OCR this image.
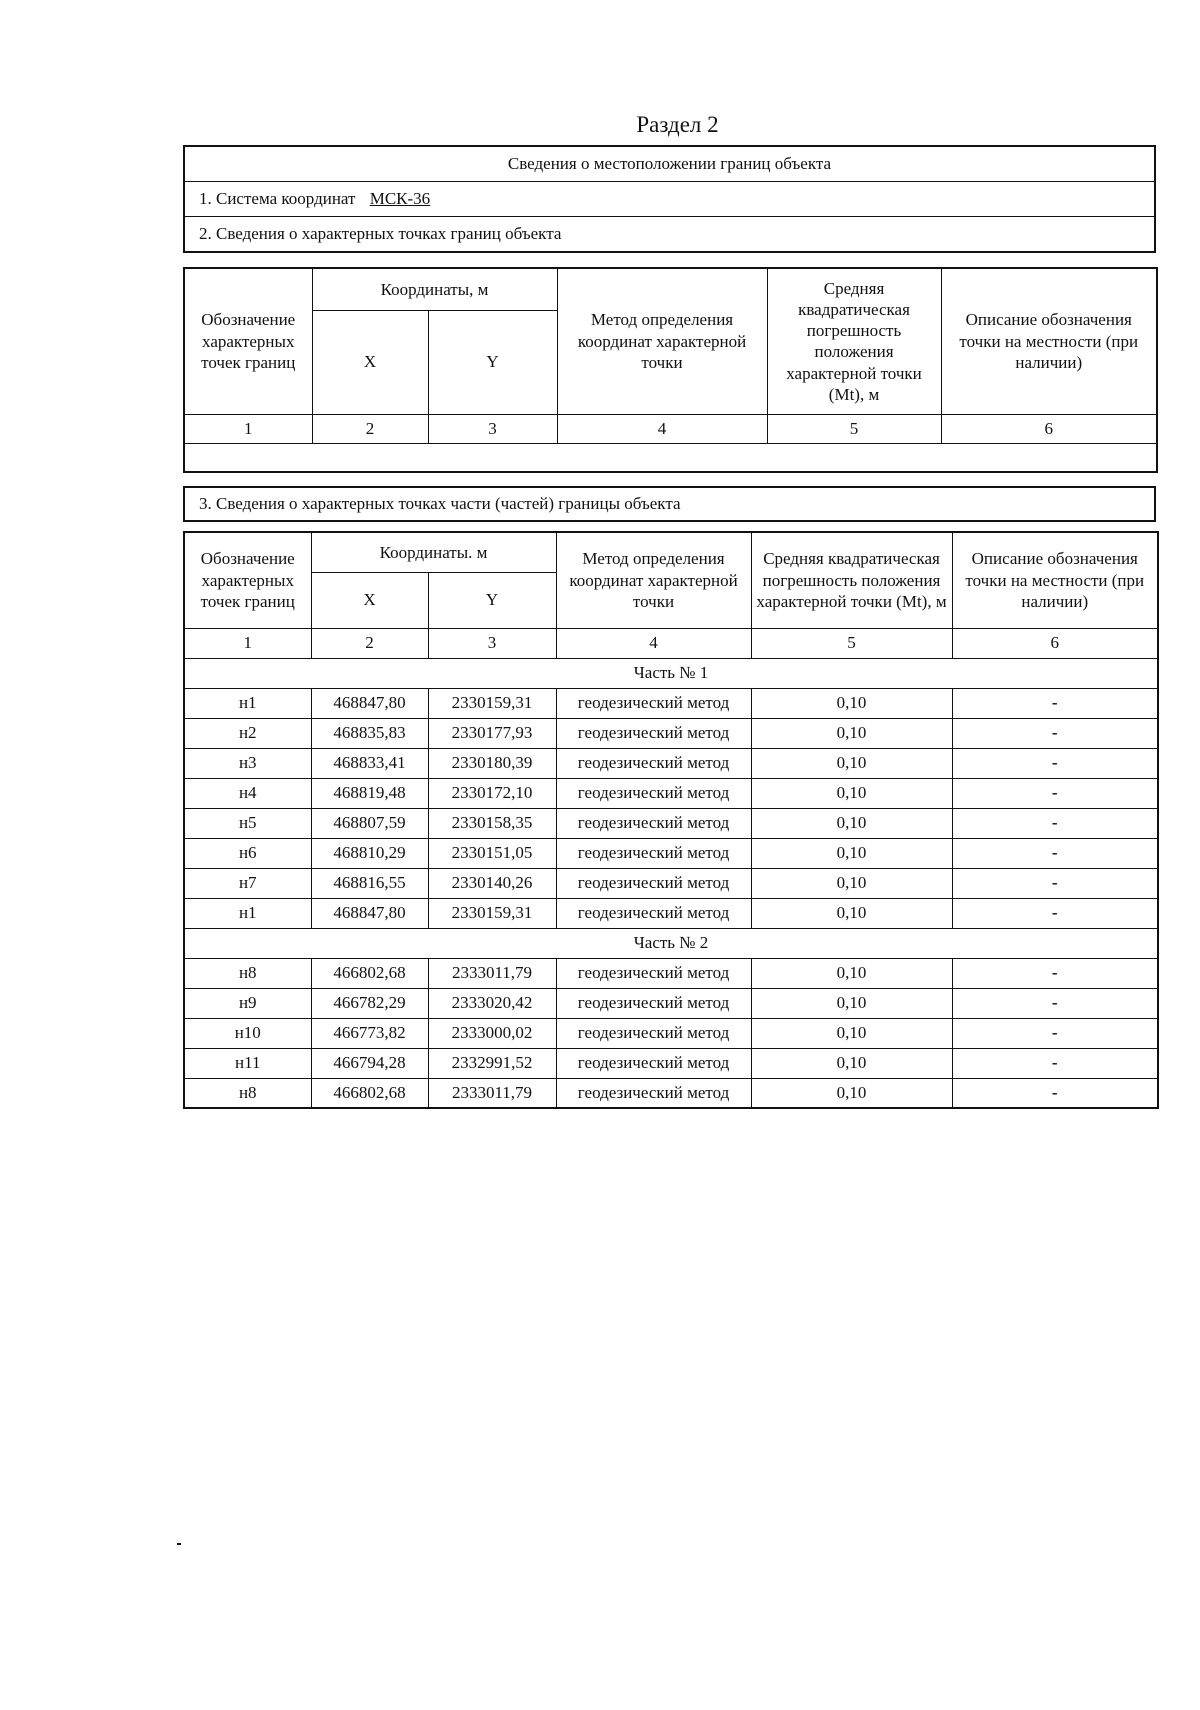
Раздел 2
Сведения о местоположении границ объекта
1. Система координат МСК-36
2. Сведения о характерных точках границ объекта
Обозначение характерных точек границ	Координаты, м		Метод определения координат характерной точки	Средняя квадратическая погрешность положения характерной точки (Mt), м	Описание обозначения точки на местности (при наличии)
	X	Y			
1	2	3	4	5	6

3. Сведения о характерных точках части (частей) границы объекта
Обозначение характерных точек границ	Координаты. м		Метод определения координат характерной точки	Средняя квадратическая погрешность положения характерной точки (Mt), м	Описание обозначения точки на местности (при наличии)
	X	Y			
1	2	3	4	5	6
Часть № 1					
н1	468847,80	2330159,31	геодезический метод	0,10	-
н2	468835,83	2330177,93	геодезический метод	0,10	-
н3	468833,41	2330180,39	геодезический метод	0,10	-
н4	468819,48	2330172,10	геодезический метод	0,10	-
н5	468807,59	2330158,35	геодезический метод	0,10	-
н6	468810,29	2330151,05	геодезический метод	0,10	-
н7	468816,55	2330140,26	геодезический метод	0,10	-
н1	468847,80	2330159,31	геодезический метод	0,10	-
Часть № 2					
н8	466802,68	2333011,79	геодезический метод	0,10	-
н9	466782,29	2333020,42	геодезический метод	0,10	-
н10	466773,82	2333000,02	геодезический метод	0,10	-
н11	466794,28	2332991,52	геодезический метод	0,10	-
н8	466802,68	2333011,79	геодезический метод	0,10	-
